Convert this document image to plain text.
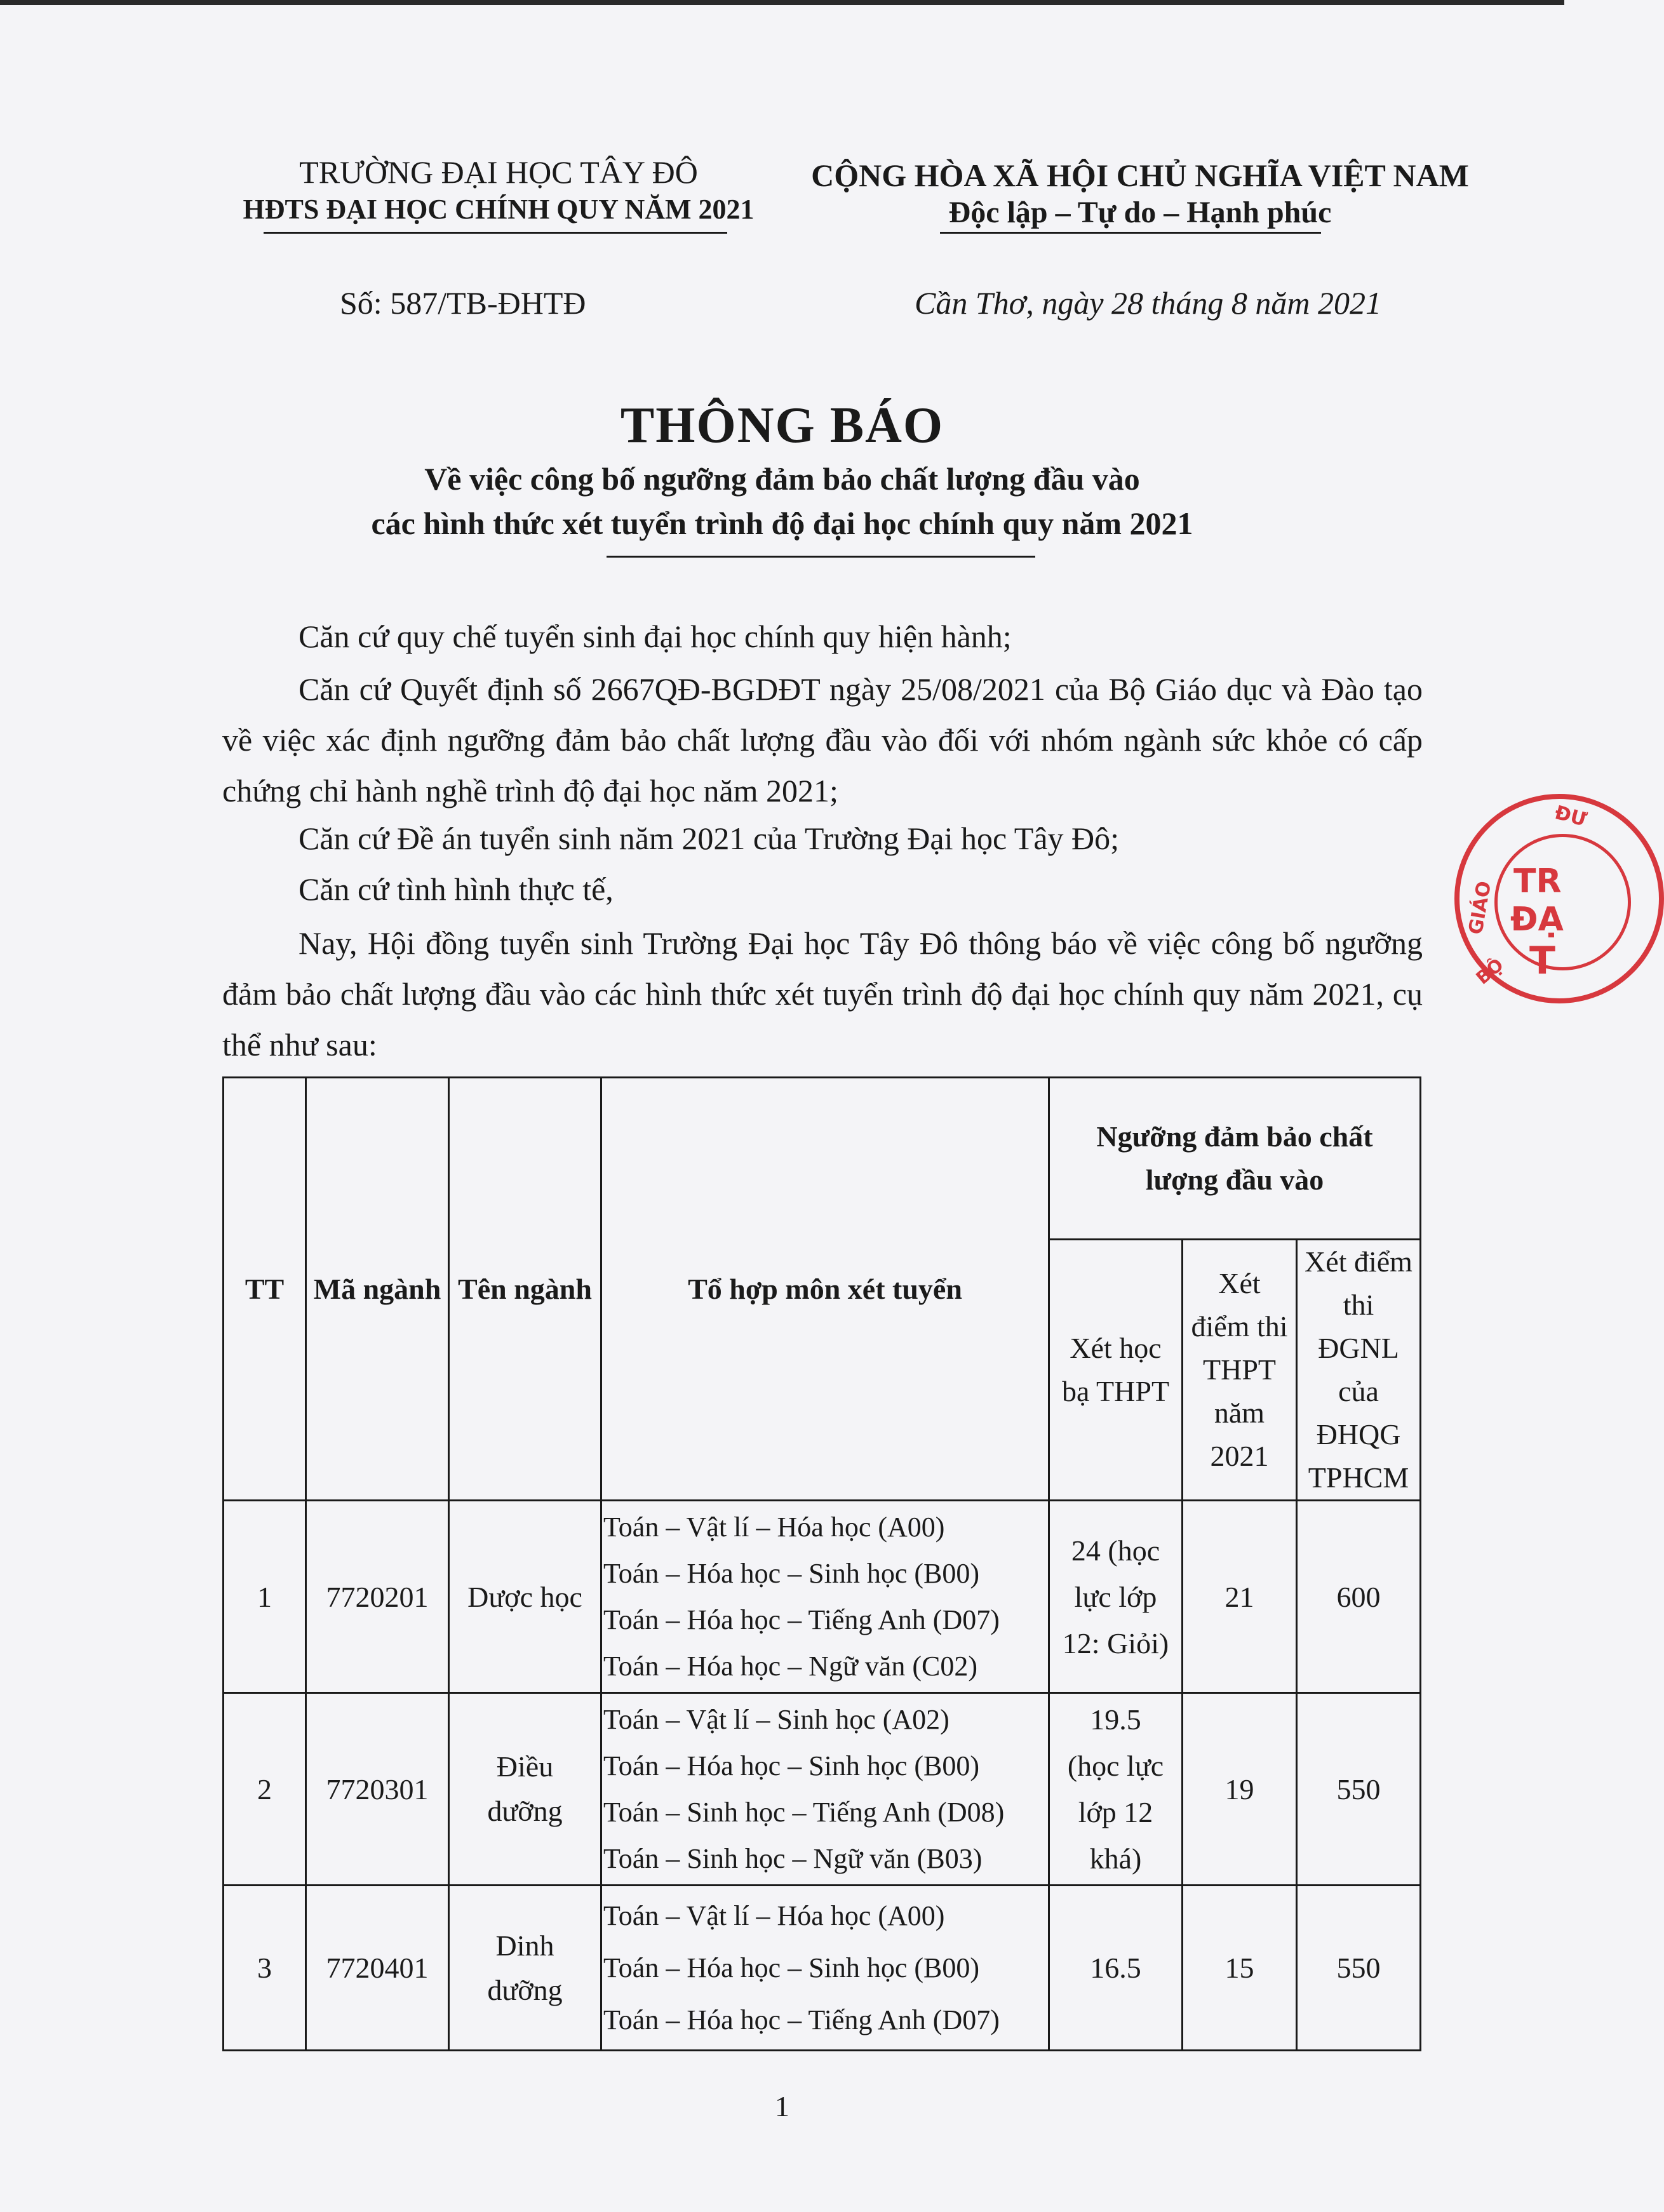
TRƯỜNG ĐẠI HỌC TÂY ĐÔ
HĐTS ĐẠI HỌC CHÍNH QUY NĂM 2021
CỘNG HÒA XÃ HỘI CHỦ NGHĨA VIỆT NAM
Độc lập – Tự do – Hạnh phúc
Số: 587/TB-ĐHTĐ	Cần Thơ, ngày 28 tháng 8 năm 2021
THÔNG BÁO
Về việc công bố ngưỡng đảm bảo chất lượng đầu vào
các hình thức xét tuyển trình độ đại học chính quy năm 2021
Căn cứ quy chế tuyển sinh đại học chính quy hiện hành;
Căn cứ Quyết định số 2667QĐ-BGDĐT ngày 25/08/2021 của Bộ Giáo dục và Đào tạo về việc xác định ngưỡng đảm bảo chất lượng đầu vào đối với nhóm ngành sức khỏe có cấp chứng chỉ hành nghề trình độ đại học năm 2021;
Căn cứ Đề án tuyển sinh năm 2021 của Trường Đại học Tây Đô;
Căn cứ tình hình thực tế,
Nay, Hội đồng tuyển sinh Trường Đại học Tây Đô thông báo về việc công bố ngưỡng đảm bảo chất lượng đầu vào các hình thức xét tuyển trình độ đại học chính quy năm 2021, cụ thể như sau:
TT	Mã ngành	Tên ngành	Tổ hợp môn xét tuyển	Ngưỡng đảm bảo chất lượng đầu vào		
				Xét học bạ THPT	Xét điểm thi THPT năm 2021	Xét điểm thi ĐGNL của ĐHQG TPHCM
1	7720201	Dược học	Toán – Vật lí – Hóa học (A00)
Toán – Hóa học – Sinh học (B00)
Toán – Hóa học – Tiếng Anh (D07)
Toán – Hóa học – Ngữ văn (C02)	24 (học lực lớp 12: Giỏi)	21	600
2	7720301	Điều dưỡng	Toán – Vật lí – Sinh học (A02)
Toán – Hóa học – Sinh học (B00)
Toán – Sinh học – Tiếng Anh (D08)
Toán – Sinh học – Ngữ văn (B03)	19.5 (học lực lớp 12 khá)	19	550
3	7720401	Dinh dưỡng	Toán – Vật lí – Hóa học (A00)
Toán – Hóa học – Sinh học (B00)
Toán – Hóa học – Tiếng Anh (D07)	16.5	15	550
1
TR
ĐẠ
T
GIÁO
ĐƯ
BỘ
